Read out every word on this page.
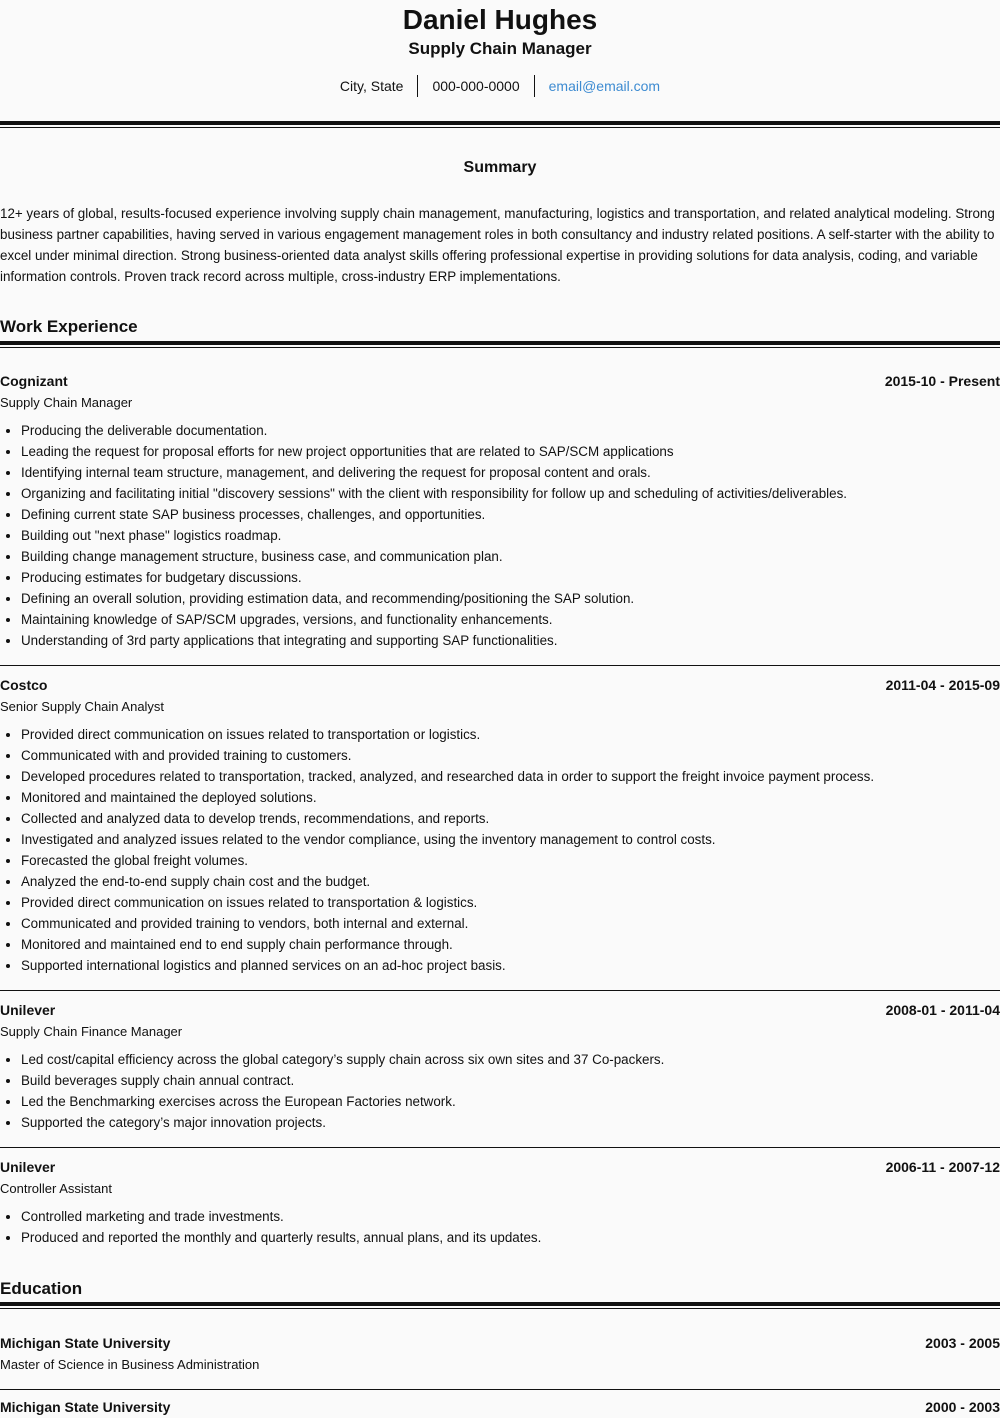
Daniel Hughes
Supply Chain Manager
City, State	000-000-0000	email@email.com
Summary
12+ years of global, results-focused experience involving supply chain management, manufacturing, logistics and transportation, and related analytical modeling. Strong business partner capabilities, having served in various engagement management roles in both consultancy and industry related positions. A self-starter with the ability to excel under minimal direction. Strong business-oriented data analyst skills offering professional expertise in providing solutions for data analysis, coding, and variable information controls. Proven track record across multiple, cross-industry ERP implementations.
Work Experience
Cognizant	2015-10 - Present
Supply Chain Manager
• Producing the deliverable documentation.
• Leading the request for proposal efforts for new project opportunities that are related to SAP/SCM applications
• Identifying internal team structure, management, and delivering the request for proposal content and orals.
• Organizing and facilitating initial "discovery sessions" with the client with responsibility for follow up and scheduling of activities/deliverables.
• Defining current state SAP business processes, challenges, and opportunities.
• Building out "next phase" logistics roadmap.
• Building change management structure, business case, and communication plan.
• Producing estimates for budgetary discussions.
• Defining an overall solution, providing estimation data, and recommending/positioning the SAP solution.
• Maintaining knowledge of SAP/SCM upgrades, versions, and functionality enhancements.
• Understanding of 3rd party applications that integrating and supporting SAP functionalities.
Costco	2011-04 - 2015-09
Senior Supply Chain Analyst
• Provided direct communication on issues related to transportation or logistics.
• Communicated with and provided training to customers.
• Developed procedures related to transportation, tracked, analyzed, and researched data in order to support the freight invoice payment process.
• Monitored and maintained the deployed solutions.
• Collected and analyzed data to develop trends, recommendations, and reports.
• Investigated and analyzed issues related to the vendor compliance, using the inventory management to control costs.
• Forecasted the global freight volumes.
• Analyzed the end-to-end supply chain cost and the budget.
• Provided direct communication on issues related to transportation & logistics.
• Communicated and provided training to vendors, both internal and external.
• Monitored and maintained end to end supply chain performance through.
• Supported international logistics and planned services on an ad-hoc project basis.
Unilever	2008-01 - 2011-04
Supply Chain Finance Manager
• Led cost/capital efficiency across the global category’s supply chain across six own sites and 37 Co-packers.
• Build beverages supply chain annual contract.
• Led the Benchmarking exercises across the European Factories network.
• Supported the category’s major innovation projects.
Unilever	2006-11 - 2007-12
Controller Assistant
• Controlled marketing and trade investments.
• Produced and reported the monthly and quarterly results, annual plans, and its updates.
Education
Michigan State University	2003 - 2005
Master of Science in Business Administration
Michigan State University	2000 - 2003
